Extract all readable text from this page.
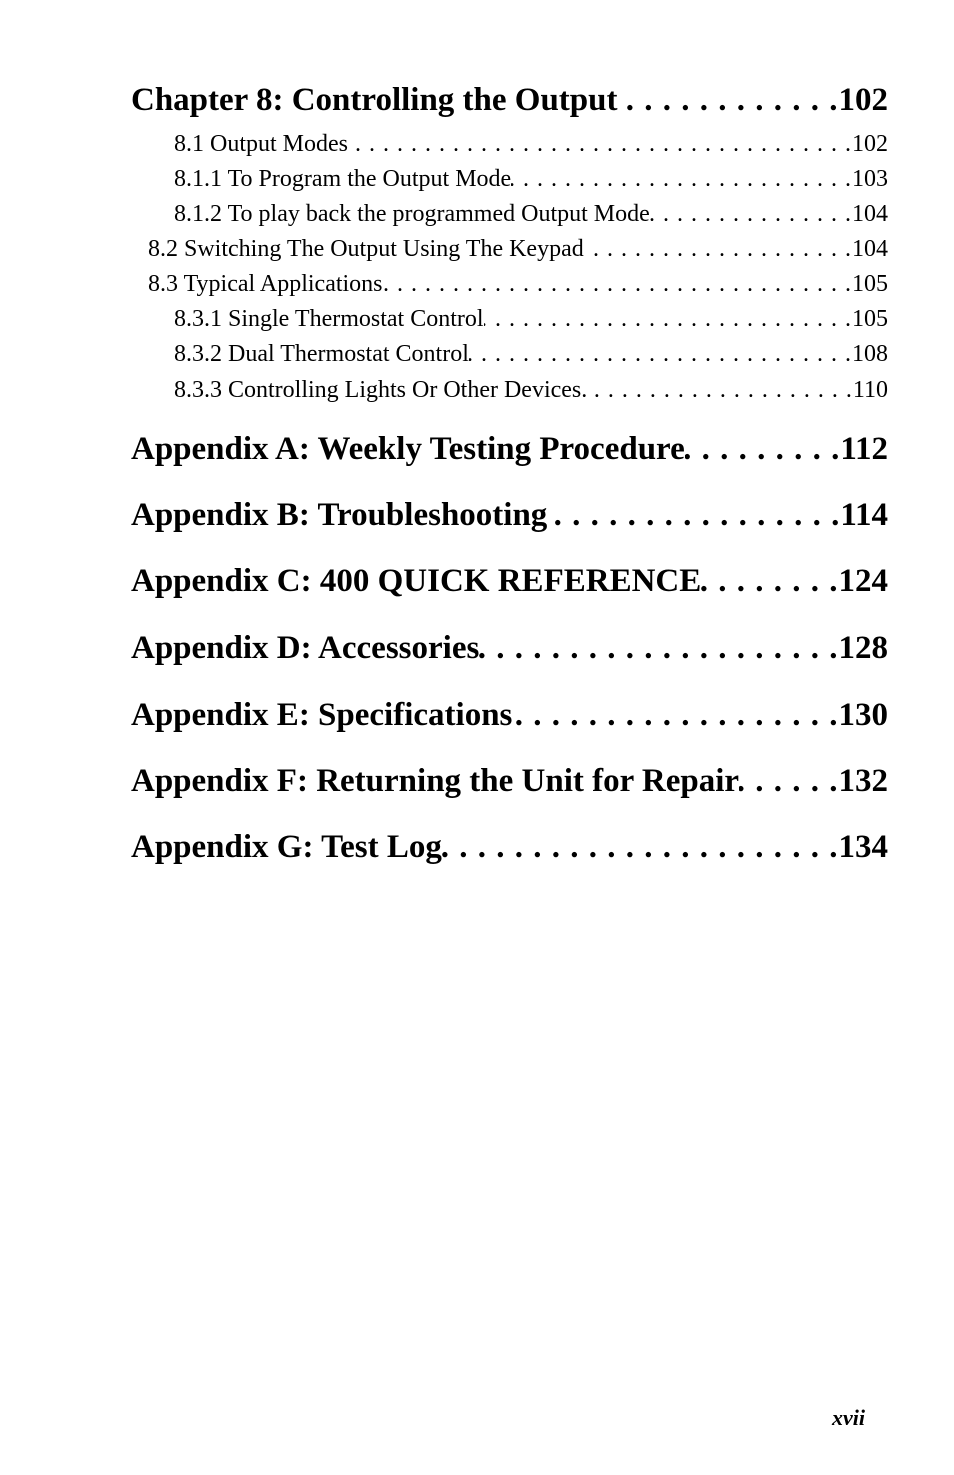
Chapter 8: Controlling the Output . . .	102
8.1 Output Modes . . .	102
8.1.1 To Program the Output Mode . . .	103
8.1.2 To play back the programmed Output Mode . . .	104
8.2 Switching The Output Using The Keypad . . .	104
8.3 Typical Applications . . .	105
8.3.1 Single Thermostat Control . . .	105
8.3.2 Dual Thermostat Control . . .	108
8.3.3 Controlling Lights Or Other Devices. . . .	110
Appendix A: Weekly Testing Procedure . . .	112
Appendix B: Troubleshooting . . .	114
Appendix C: 400 QUICK REFERENCE . . .	124
Appendix D: Accessories . . .	128
Appendix E: Specifications . . .	130
Appendix F: Returning the Unit for Repair . . .	132
Appendix G: Test Log . . .	134
xvii
